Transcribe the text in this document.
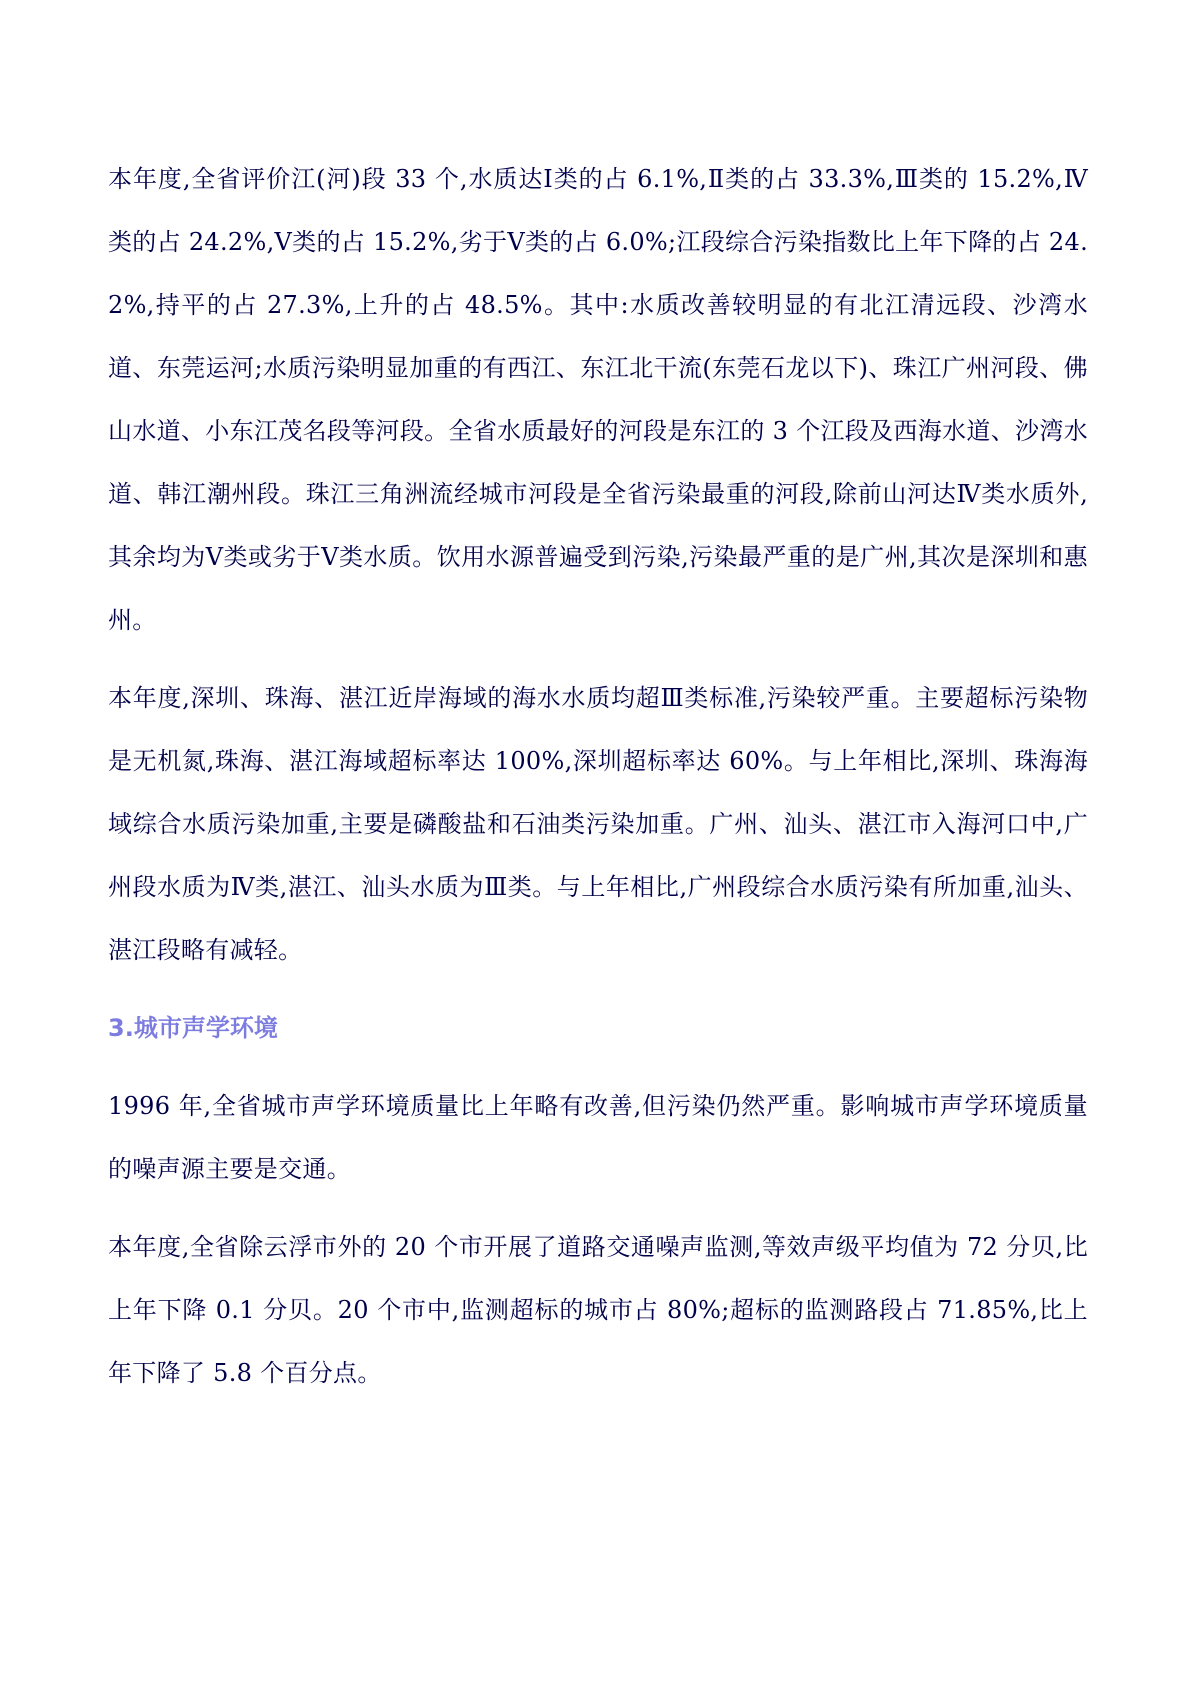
本年度,全省评价江(河)段 33 个,水质达Ⅰ类的占 6.1%,Ⅱ类的占 33.3%,Ⅲ类的 15.2%,Ⅳ类的占 24.2%,Ⅴ类的占 15.2%,劣于Ⅴ类的占 6.0%;江段综合污染指数比上年下降的占 24.2%,持平的占 27.3%,上升的占 48.5%。其中:水质改善较明显的有北江清远段、沙湾水道、东莞运河;水质污染明显加重的有西江、东江北干流(东莞石龙以下)、珠江广州河段、佛山水道、小东江茂名段等河段。全省水质最好的河段是东江的 3 个江段及西海水道、沙湾水道、韩江潮州段。珠江三角洲流经城市河段是全省污染最重的河段,除前山河达Ⅳ类水质外,其余均为Ⅴ类或劣于Ⅴ类水质。饮用水源普遍受到污染,污染最严重的是广州,其次是深圳和惠州。

本年度,深圳、珠海、湛江近岸海域的海水水质均超Ⅲ类标准,污染较严重。主要超标污染物是无机氮,珠海、湛江海域超标率达 100%,深圳超标率达 60%。与上年相比,深圳、珠海海域综合水质污染加重,主要是磷酸盐和石油类污染加重。广州、汕头、湛江市入海河口中,广州段水质为Ⅳ类,湛江、汕头水质为Ⅲ类。与上年相比,广州段综合水质污染有所加重,汕头、湛江段略有减轻。

3.城市声学环境

1996 年,全省城市声学环境质量比上年略有改善,但污染仍然严重。影响城市声学环境质量的噪声源主要是交通。

本年度,全省除云浮市外的 20 个市开展了道路交通噪声监测,等效声级平均值为 72 分贝,比上年下降 0.1 分贝。20 个市中,监测超标的城市占 80%;超标的监测路段占 71.85%,比上年下降了 5.8 个百分点。
